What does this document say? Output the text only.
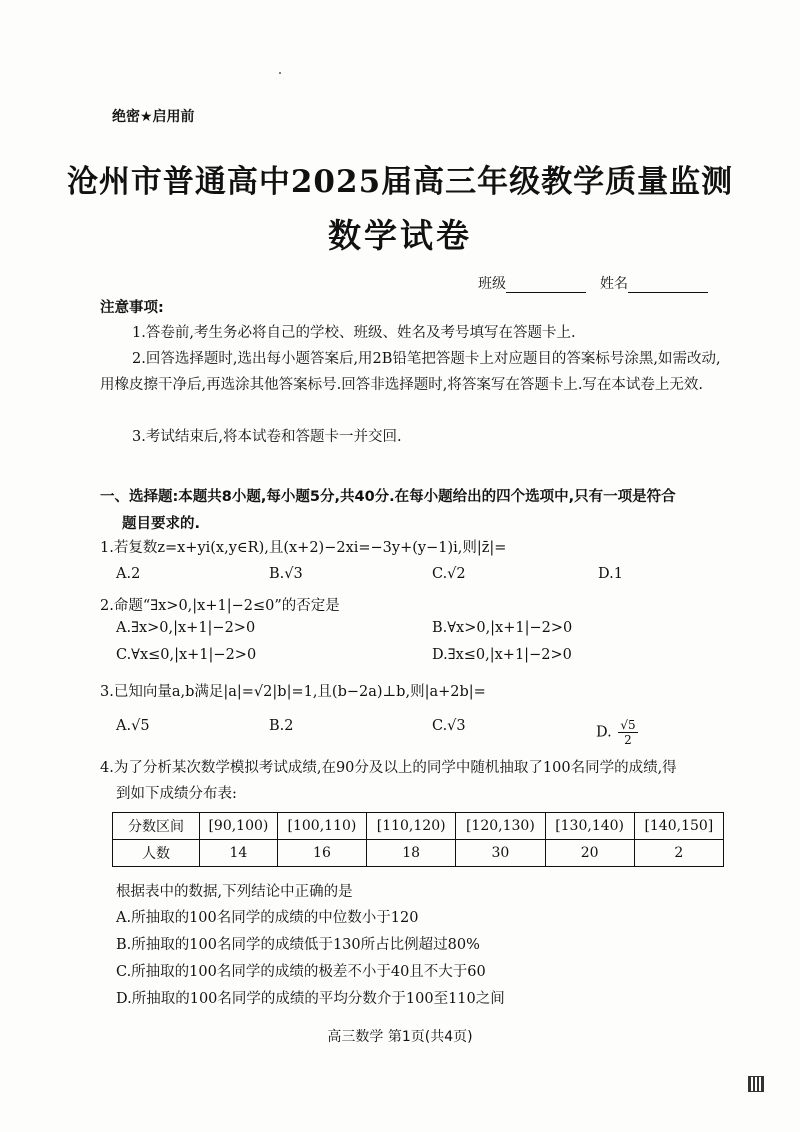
绝密★启用前
沧州市普通高中2025届高三年级教学质量监测
数学试卷
班级	姓名
注意事项:
1.答卷前,考生务必将自己的学校、班级、姓名及考号填写在答题卡上.
2.回答选择题时,选出每小题答案后,用2B铅笔把答题卡上对应题目的答案标号涂黑,如需改动,用橡皮擦干净后,再选涂其他答案标号.回答非选择题时,将答案写在答题卡上.写在本试卷上无效.
3.考试结束后,将本试卷和答题卡一并交回.
一、选择题:本题共8小题,每小题5分,共40分.在每小题给出的四个选项中,只有一项是符合
题目要求的.
1.若复数z=x+yi(x,y∈R),且(x+2)−2xi=−3y+(y−1)i,则|z̄|=
A.2	B.√3	C.√2	D.1
2.命题“∃x>0,|x+1|−2≤0”的否定是
A.∃x>0,|x+1|−2>0	B.∀x>0,|x+1|−2>0
C.∀x≤0,|x+1|−2>0	D.∃x≤0,|x+1|−2>0
3.已知向量a,b满足|a|=√2|b|=1,且(b−2a)⊥b,则|a+2b|=
A.√5	B.2	C.√3	D. $\frac{√5}{2}$
4.为了分析某次数学模拟考试成绩,在90分及以上的同学中随机抽取了100名同学的成绩,得
到如下成绩分布表:
分数区间	[90,100)	[100,110)	[110,120)	[120,130)	[130,140)	[140,150]
人数	14	16	18	30	20	2
根据表中的数据,下列结论中正确的是
A.所抽取的100名同学的成绩的中位数小于120
B.所抽取的100名同学的成绩低于130所占比例超过80%
C.所抽取的100名同学的成绩的极差不小于40且不大于60
D.所抽取的100名同学的成绩的平均分数介于100至110之间
高三数学 第1页(共4页)
